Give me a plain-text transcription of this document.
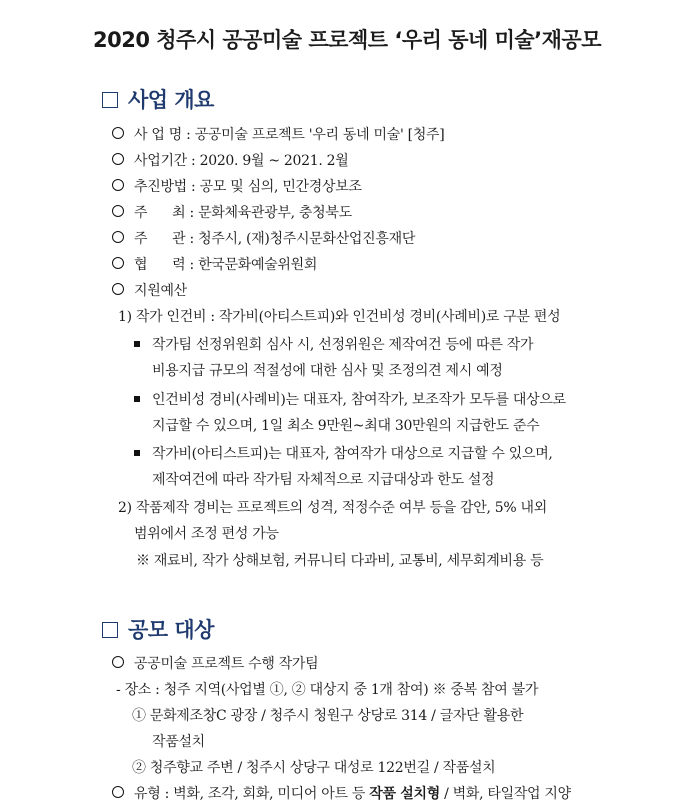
2020 청주시 공공미술 프로젝트 ‘우리 동네 미술’재공모
사업 개요
사 업 명 : 공공미술 프로젝트 '우리 동네 미술' [청주]
사업기간 : 2020. 9월 ~ 2021. 2월
추진방법 : 공모 및 심의, 민간경상보조
주      최 : 문화체육관광부, 충청북도
주      관 : 청주시, (재)청주시문화산업진흥재단
협      력 : 한국문화예술위원회
지원예산
1) 작가 인건비 : 작가비(아티스트피)와 인건비성 경비(사례비)로 구분 편성
작가팀 선정위원회 심사 시, 선정위원은 제작여건 등에 따른 작가
비용지급 규모의 적절성에 대한 심사 및 조정의견 제시 예정
인건비성 경비(사례비)는 대표자, 참여작가, 보조작가 모두를 대상으로
지급할 수 있으며, 1일 최소 9만원~최대 30만원의 지급한도 준수
작가비(아티스트피)는 대표자, 참여작가 대상으로 지급할 수 있으며,
제작여건에 따라 작가팀 자체적으로 지급대상과 한도 설정
2) 작품제작 경비는 프로젝트의 성격, 적정수준 여부 등을 감안, 5% 내외
범위에서 조정 편성 가능
※ 재료비, 작가 상해보험, 커뮤니티 다과비, 교통비, 세무회계비용 등
공모 대상
공공미술 프로젝트 수행 작가팀
- 장소 : 청주 지역(사업별 ①, ② 대상지 중 1개 참여) ※ 중복 참여 불가
① 문화제조창C 광장 / 청주시 청원구 상당로 314 / 글자단 활용한
작품설치
② 청주향교 주변 / 청주시 상당구 대성로 122번길 / 작품설치
유형 : 벽화, 조각, 회화, 미디어 아트 등 작품 설치형 / 벽화, 타일작업 지양
